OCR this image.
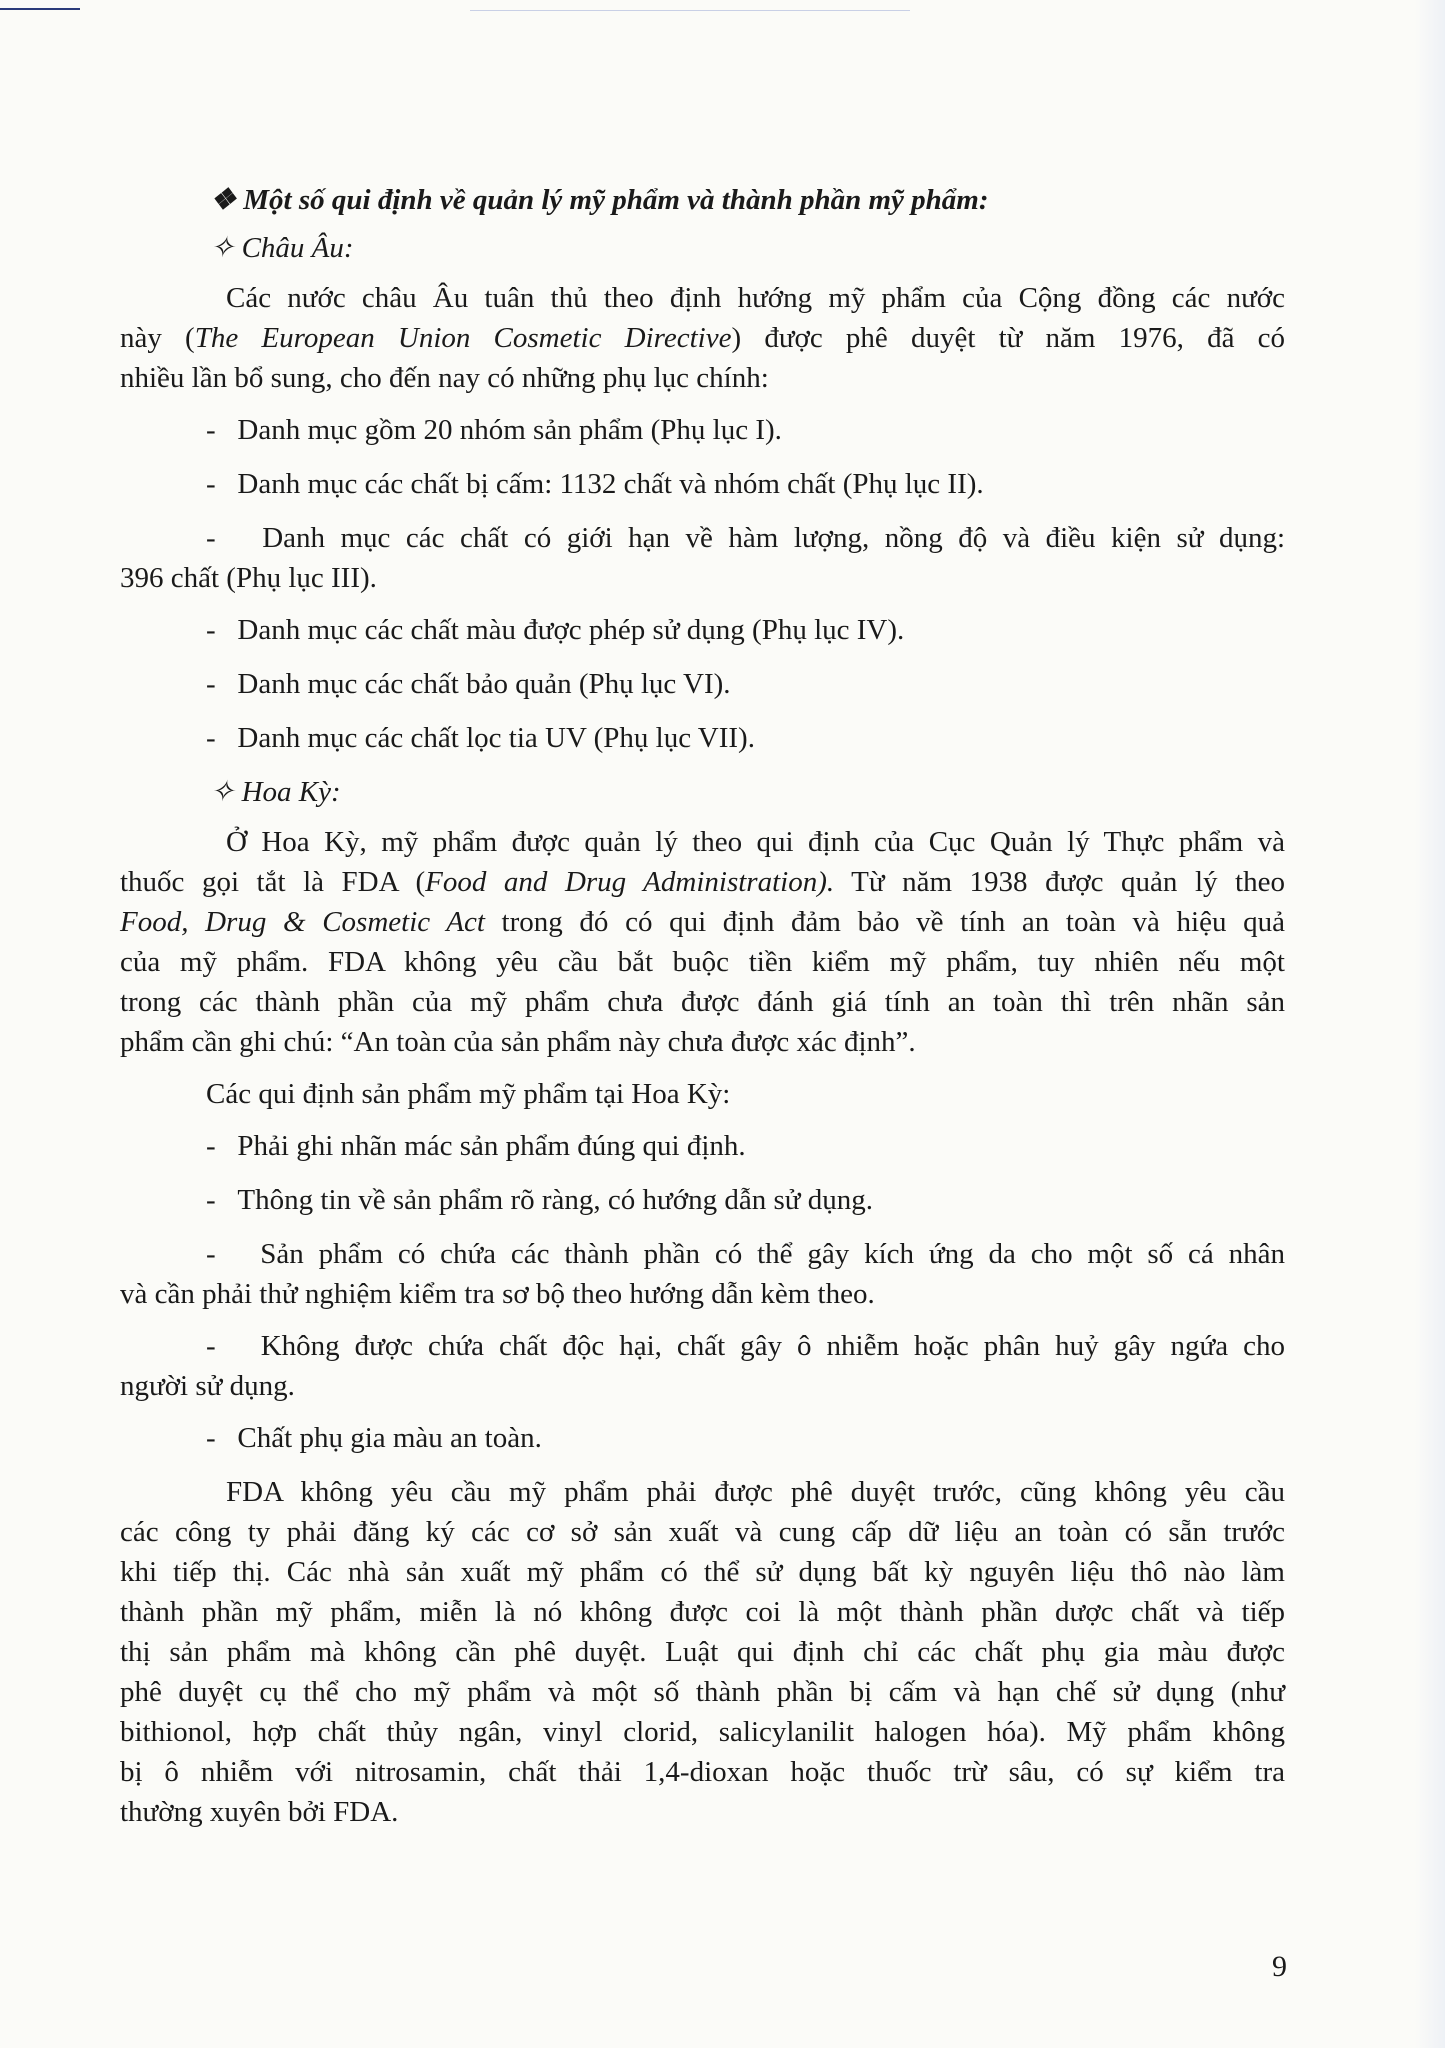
❖ Một số qui định về quản lý mỹ phẩm và thành phần mỹ phẩm:

✧ Châu Âu:

Các nước châu Âu tuân thủ theo định hướng mỹ phẩm của Cộng đồng các nước

này (The European Union Cosmetic Directive) được phê duyệt từ năm 1976, đã có

nhiều lần bổ sung, cho đến nay có những phụ lục chính:

- Danh mục gồm 20 nhóm sản phẩm (Phụ lục I).

- Danh mục các chất bị cấm: 1132 chất và nhóm chất (Phụ lục II).

- Danh mục các chất có giới hạn về hàm lượng, nồng độ và điều kiện sử dụng:

396 chất (Phụ lục III).

- Danh mục các chất màu được phép sử dụng (Phụ lục IV).

- Danh mục các chất bảo quản (Phụ lục VI).

- Danh mục các chất lọc tia UV (Phụ lục VII).

✧ Hoa Kỳ:

Ở Hoa Kỳ, mỹ phẩm được quản lý theo qui định của Cục Quản lý Thực phẩm và

thuốc gọi tắt là FDA (Food and Drug Administration). Từ năm 1938 được quản lý theo

Food, Drug & Cosmetic Act trong đó có qui định đảm bảo về tính an toàn và hiệu quả

của mỹ phẩm. FDA không yêu cầu bắt buộc tiền kiểm mỹ phẩm, tuy nhiên nếu một

trong các thành phần của mỹ phẩm chưa được đánh giá tính an toàn thì trên nhãn sản

phẩm cần ghi chú: “An toàn của sản phẩm này chưa được xác định”.

Các qui định sản phẩm mỹ phẩm tại Hoa Kỳ:

- Phải ghi nhãn mác sản phẩm đúng qui định.

- Thông tin về sản phẩm rõ ràng, có hướng dẫn sử dụng.

- Sản phẩm có chứa các thành phần có thể gây kích ứng da cho một số cá nhân

và cần phải thử nghiệm kiểm tra sơ bộ theo hướng dẫn kèm theo.

- Không được chứa chất độc hại, chất gây ô nhiễm hoặc phân huỷ gây ngứa cho

người sử dụng.

- Chất phụ gia màu an toàn.

FDA không yêu cầu mỹ phẩm phải được phê duyệt trước, cũng không yêu cầu

các công ty phải đăng ký các cơ sở sản xuất và cung cấp dữ liệu an toàn có sẵn trước

khi tiếp thị. Các nhà sản xuất mỹ phẩm có thể sử dụng bất kỳ nguyên liệu thô nào làm

thành phần mỹ phẩm, miễn là nó không được coi là một thành phần dược chất và tiếp

thị sản phẩm mà không cần phê duyệt. Luật qui định chỉ các chất phụ gia màu được

phê duyệt cụ thể cho mỹ phẩm và một số thành phần bị cấm và hạn chế sử dụng (như

bithionol, hợp chất thủy ngân, vinyl clorid, salicylanilit halogen hóa). Mỹ phẩm không

bị ô nhiễm với nitrosamin, chất thải 1,4-dioxan hoặc thuốc trừ sâu, có sự kiểm tra

thường xuyên bởi FDA.

9
